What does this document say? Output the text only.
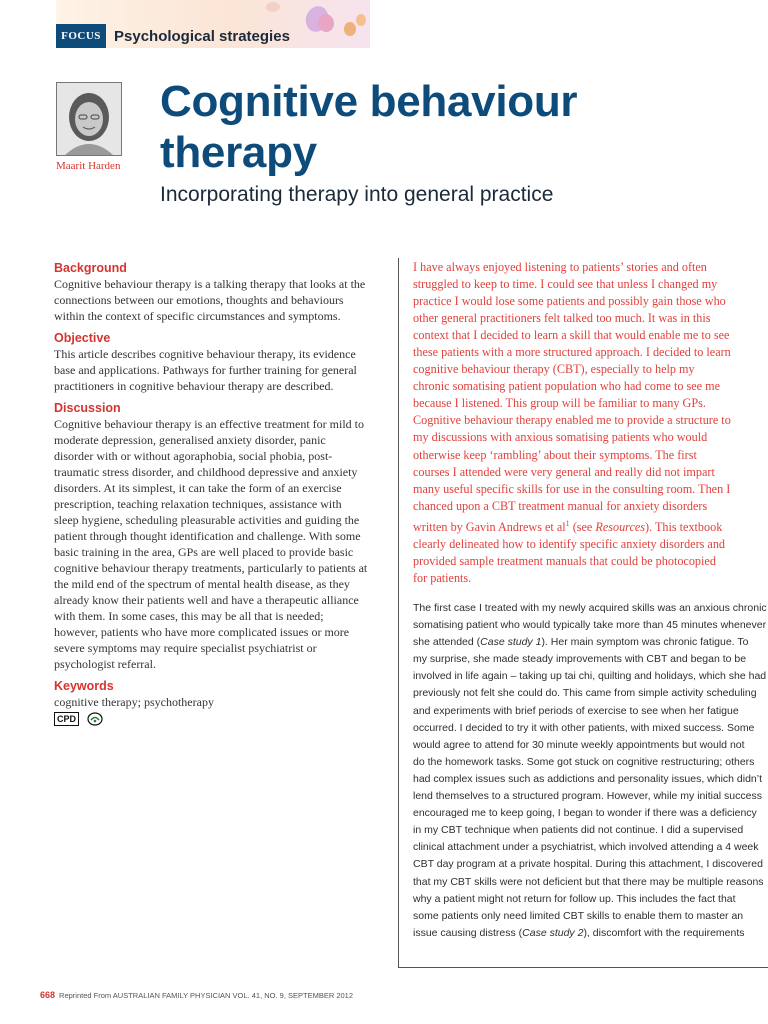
FOCUS Psychological strategies
Maarit Harden
Cognitive behaviour
therapy
Incorporating therapy into general practice
Background

Cognitive behaviour therapy is a talking therapy that looks at the connections between our emotions, thoughts and behaviours within the context of specific circumstances and symptoms.

Objective

This article describes cognitive behaviour therapy, its evidence base and applications. Pathways for further training for general practitioners in cognitive behaviour therapy are described.

Discussion

Cognitive behaviour therapy is an effective treatment for mild to moderate depression, generalised anxiety disorder, panic disorder with or without agoraphobia, social phobia, post-traumatic stress disorder, and childhood depressive and anxiety disorders. At its simplest, it can take the form of an exercise prescription, teaching relaxation techniques, assistance with sleep hygiene, scheduling pleasurable activities and guiding the patient through thought identification and challenge. With some basic training in the area, GPs are well placed to provide basic cognitive behaviour therapy treatments, particularly to patients at the mild end of the spectrum of mental health disease, as they already know their patients well and have a therapeutic alliance with them. In some cases, this may be all that is needed; however, patients who have more complicated issues or more severe symptoms may require specialist psychiatrist or psychologist referral.

Keywords

cognitive therapy; psychotherapy

CPD

I have always enjoyed listening to patients’ stories and often struggled to keep to time. I could see that unless I changed my practice I would lose some patients and possibly gain those who other general practitioners felt talked too much. It was in this context that I decided to learn a skill that would enable me to see these patients with a more structured approach. I decided to learn cognitive behaviour therapy (CBT), especially to help my chronic somatising patient population who had come to see me because I listened. This group will be familiar to many GPs. Cognitive behaviour therapy enabled me to provide a structure to my discussions with anxious somatising patients who would otherwise keep ‘rambling’ about their symptoms. The first courses I attended were very general and really did not impart many useful specific skills for use in the consulting room. Then I chanced upon a CBT treatment manual for anxiety disorders written by Gavin Andrews et $al^1$ (see Resources). This textbook clearly delineated how to identify specific anxiety disorders and provided sample treatment manuals that could be photocopied for patients.

The first case I treated with my newly acquired skills was an anxious chronic
somatising patient who would typically take more than 45 minutes whenever
she attended (Case study 1). Her main symptom was chronic fatigue. To
my surprise, she made steady improvements with CBT and began to be
involved in life again – taking up tai chi, quilting and holidays, which she had
previously not felt she could do. This came from simple activity scheduling
and experiments with brief periods of exercise to see when her fatigue
occurred. I decided to try it with other patients, with mixed success. Some
would agree to attend for 30 minute weekly appointments but would not
do the homework tasks. Some got stuck on cognitive restructuring; others
had complex issues such as addictions and personality issues, which didn’t
lend themselves to a structured program. However, while my initial success
encouraged me to keep going, I began to wonder if there was a deficiency
in my CBT technique when patients did not continue. I did a supervised
clinical attachment under a psychiatrist, which involved attending a 4 week
CBT day program at a private hospital. During this attachment, I discovered
that my CBT skills were not deficient but that there may be multiple reasons
why a patient might not return for follow up. This includes the fact that
some patients only need limited CBT skills to enable them to master an
issue causing distress (Case study 2), discomfort with the requirements
668 Reprinted From AUSTRALIAN FAMILY PHYSICIAN VOL. 41, NO. 9, SEPTEMBER 2012
